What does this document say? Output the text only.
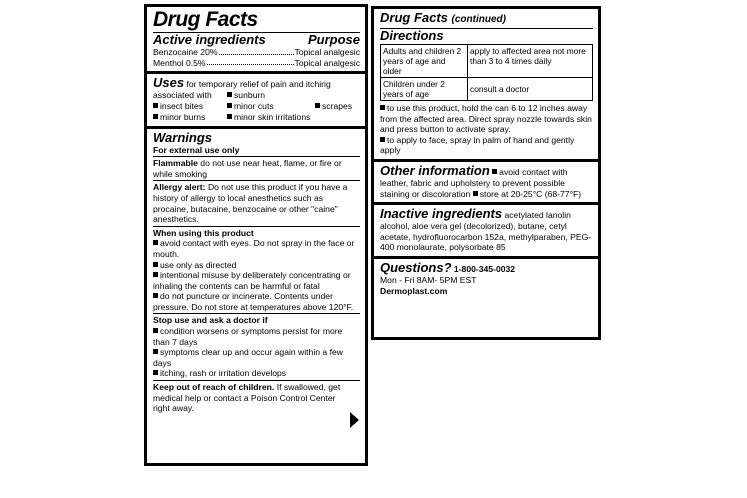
Drug Facts
Active ingredients	Purpose
Benzocaine 20%	Topical analgesic
Menthol 0.5%	Topical analgesic
Uses for temporary relief of pain and itching
associated with	sunburn
insect bites	minor cuts	scrapes
minor burns	minor skin irritations
Warnings
For external use only
Flammable do not use near heat, flame, or fire or while smoking
Allergy alert: Do not use this product if you have a history of allergy to local anesthetics such as procaine, butacaine, benzocaine or other "caine" anesthetics.
When using this product
avoid contact with eyes. Do not spray in the face or mouth.
use only as directed
intentional misuse by deliberately concentrating or inhaling the contents can be harmful or fatal
do not puncture or incinerate. Contents under pressure. Do not store at temperatures above 120°F.
Stop use and ask a doctor if
condition worsens or symptoms persist for more than 7 days
symptoms clear up and occur again within a few days
itching, rash or irritation develops
Keep out of reach of children. If swallowed, get medical help or contact a Poison Control Center right away.
Drug Facts (continued)
Directions
Adults and children 2 years of age and older	apply to affected area not more than 3 to 4 times daily
Children under 2 years of age	consult a doctor
to use this product, hold the can 6 to 12 inches away from the affected area. Direct spray nozzle towards skin and press button to activate spray.
to apply to face, spray in palm of hand and gently apply
Other information avoid contact with leather, fabric and upholstery to prevent possible staining or discoloration store at 20-25°C (68-77°F)
Inactive ingredients acetylated lanolin alcohol, aloe vera gel (decolorized), butane, cetyl acetate, hydrofluorocarbon 152a, methylparaben, PEG-400 monolaurate, polysorbate 85
Questions? 1-800-345-0032
Mon - Fri 8AM- 5PM EST
Dermoplast.com
